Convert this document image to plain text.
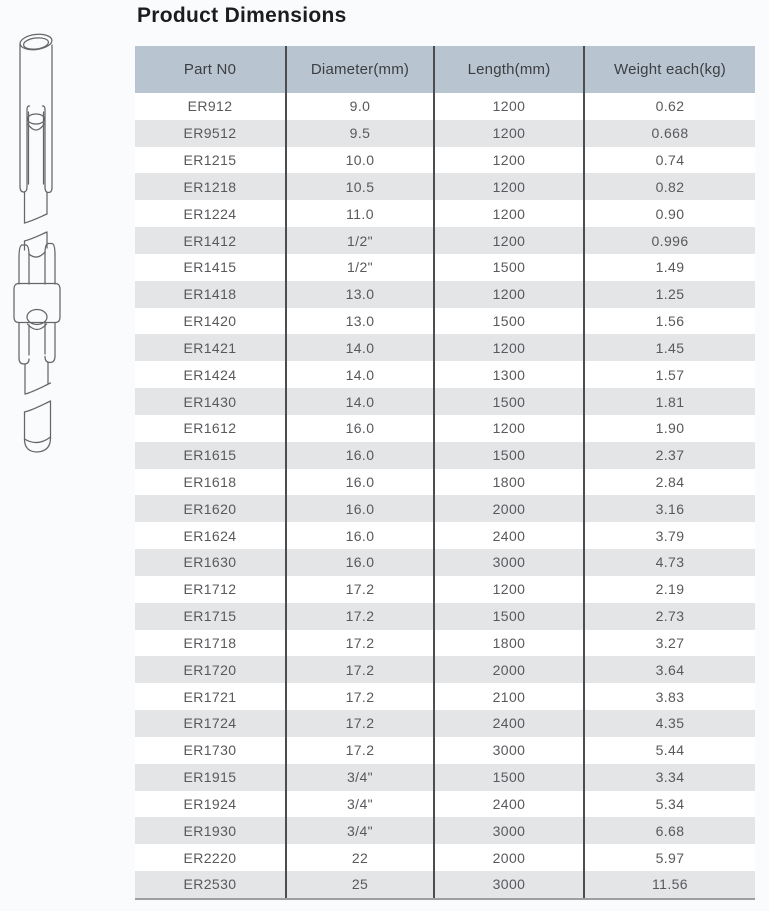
Product Dimensions
Part N0	Diameter(mm)	Length(mm)	Weight each(kg)
ER912	9.0	1200	0.62
ER9512	9.5	1200	0.668
ER1215	10.0	1200	0.74
ER1218	10.5	1200	0.82
ER1224	11.0	1200	0.90
ER1412	1/2"	1200	0.996
ER1415	1/2"	1500	1.49
ER1418	13.0	1200	1.25
ER1420	13.0	1500	1.56
ER1421	14.0	1200	1.45
ER1424	14.0	1300	1.57
ER1430	14.0	1500	1.81
ER1612	16.0	1200	1.90
ER1615	16.0	1500	2.37
ER1618	16.0	1800	2.84
ER1620	16.0	2000	3.16
ER1624	16.0	2400	3.79
ER1630	16.0	3000	4.73
ER1712	17.2	1200	2.19
ER1715	17.2	1500	2.73
ER1718	17.2	1800	3.27
ER1720	17.2	2000	3.64
ER1721	17.2	2100	3.83
ER1724	17.2	2400	4.35
ER1730	17.2	3000	5.44
ER1915	3/4"	1500	3.34
ER1924	3/4"	2400	5.34
ER1930	3/4"	3000	6.68
ER2220	22	2000	5.97
ER2530	25	3000	11.56
